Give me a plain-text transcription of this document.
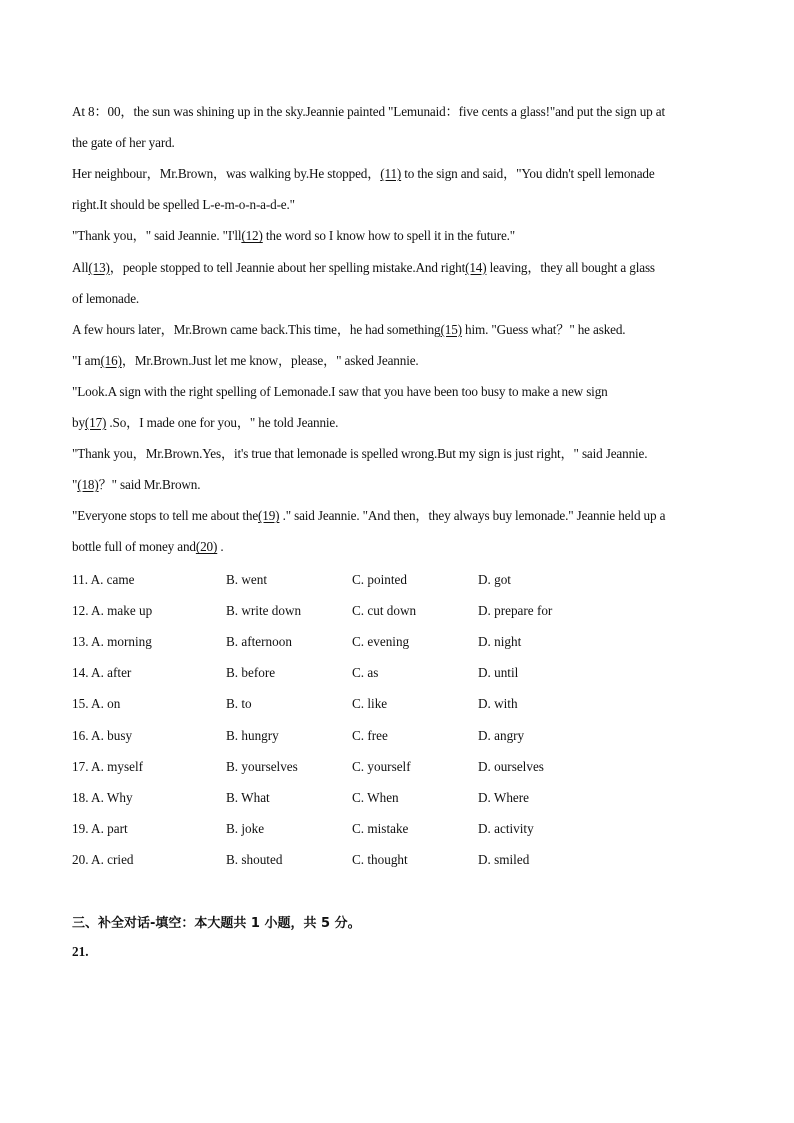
At 8：00，the sun was shining up in the sky.Jeannie painted "Lemunaid：five cents a glass!"and put the sign up at
the gate of her yard.
Her neighbour，Mr.Brown，was walking by.He stopped，(11) to the sign and said，"You didn't spell lemonade
right.It should be spelled L-e-m-o-n-a-d-e."
"Thank you，" said Jeannie. "I'll(12) the word so I know how to spell it in the future."
All(13)，people stopped to tell Jeannie about her spelling mistake.And right(14) leaving，they all bought a glass
of lemonade.
A few hours later，Mr.Brown came back.This time，he had something(15) him. "Guess what？" he asked.
"I am(16)，Mr.Brown.Just let me know，please，" asked Jeannie.
"Look.A sign with the right spelling of Lemonade.I saw that you have been too busy to make a new sign
by(17) .So，I made one for you，" he told Jeannie.
"Thank you，Mr.Brown.Yes，it's true that lemonade is spelled wrong.But my sign is just right，" said Jeannie.
"(18)？" said Mr.Brown.
"Everyone stops to tell me about the(19) ." said Jeannie. "And then，they always buy lemonade." Jeannie held up a
bottle full of money and(20) .
11. A. came	B. went	C. pointed	D. got
12. A. make up	B. write down	C. cut down	D. prepare for
13. A. morning	B. afternoon	C. evening	D. night
14. A. after	B. before	C. as	D. until
15. A. on	B. to	C. like	D. with
16. A. busy	B. hungry	C. free	D. angry
17. A. myself	B. yourselves	C. yourself	D. ourselves
18. A. Why	B. What	C. When	D. Where
19. A. part	B. joke	C. mistake	D. activity
20. A. cried	B. shouted	C. thought	D. smiled
三、补全对话-填空：本大题共 1 小题，共 5 分。
21.
